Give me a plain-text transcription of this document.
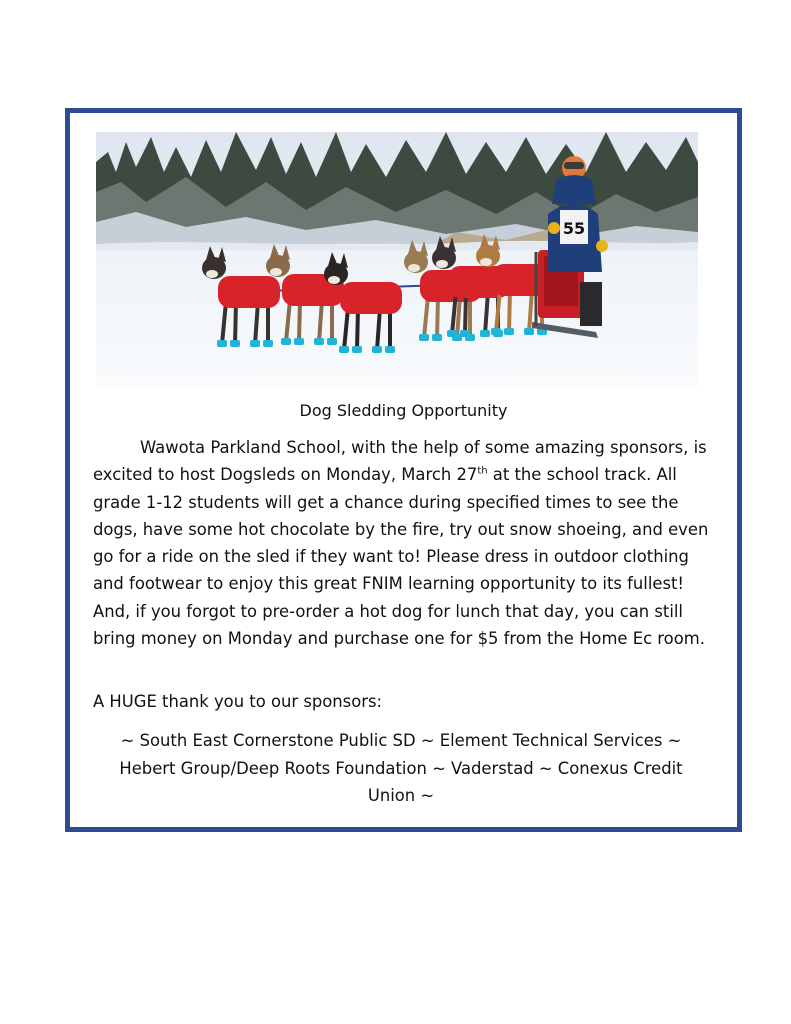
55
Dog Sledding Opportunity

Wawota Parkland School, with the help of some amazing sponsors, is excited to host Dogsleds on Monday, March 27th at the school track. All grade 1-12 students will get a chance during specified times to see the dogs, have some hot chocolate by the fire, try out snow shoeing, and even go for a ride on the sled if they want to! Please dress in outdoor clothing and footwear to enjoy this great FNIM learning opportunity to its fullest! And, if you forgot to pre-order a hot dog for lunch that day, you can still bring money on Monday and purchase one for $5 from the Home Ec room.

A HUGE thank you to our sponsors:
~ South East Cornerstone Public SD ~ Element Technical Services ~ Hebert Group/Deep Roots Foundation ~ Vaderstad ~ Conexus Credit Union ~
